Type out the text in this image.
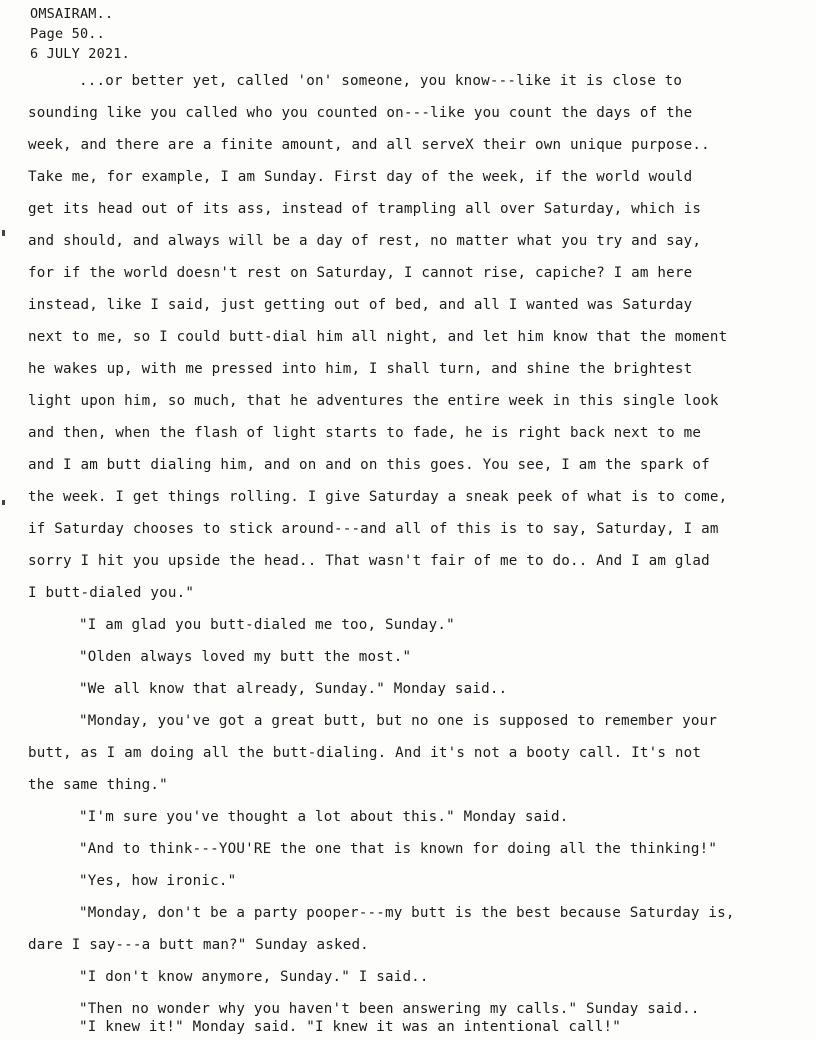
OMSAIRAM..
Page 50..
6 JULY 2021.
...or better yet, called 'on' someone, you know---like it is close to
sounding like you called who you counted on---like you count the days of the
week, and there are a finite amount, and all serveX their own unique purpose..
Take me, for example, I am Sunday. First day of the week, if the world would
get its head out of its ass, instead of trampling all over Saturday, which is
and should, and always will be a day of rest, no matter what you try and say,
for if the world doesn't rest on Saturday, I cannot rise, capiche? I am here
instead, like I said, just getting out of bed, and all I wanted was Saturday
next to me, so I could butt-dial him all night, and let him know that the moment
he wakes up, with me pressed into him, I shall turn, and shine the brightest
light upon him, so much, that he adventures the entire week in this single look
and then, when the flash of light starts to fade, he is right back next to me
and I am butt dialing him, and on and on this goes. You see, I am the spark of
the week. I get things rolling. I give Saturday a sneak peek of what is to come,
if Saturday chooses to stick around---and all of this is to say, Saturday, I am
sorry I hit you upside the head.. That wasn't fair of me to do.. And I am glad
I butt-dialed you."
"I am glad you butt-dialed me too, Sunday."
"Olden always loved my butt the most."
"We all know that already, Sunday." Monday said..
"Monday, you've got a great butt, but no one is supposed to remember your
butt, as I am doing all the butt-dialing. And it's not a booty call. It's not
the same thing."
"I'm sure you've thought a lot about this." Monday said.
"And to think---YOU'RE the one that is known for doing all the thinking!"
"Yes, how ironic."
"Monday, don't be a party pooper---my butt is the best because Saturday is,
dare I say---a butt man?" Sunday asked.
"I don't know anymore, Sunday." I said..
"Then no wonder why you haven't been answering my calls." Sunday said..
"I knew it!" Monday said. "I knew it was an intentional call!"
